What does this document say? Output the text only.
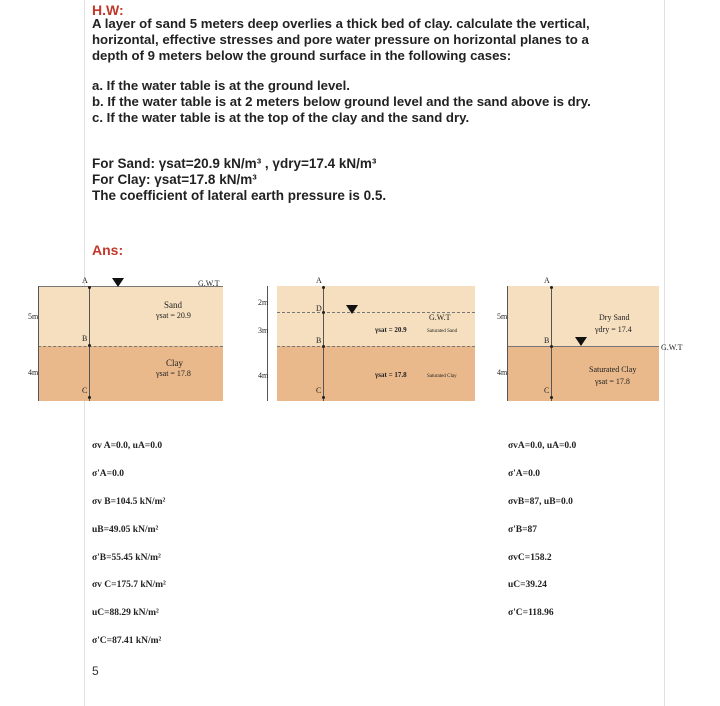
H.W:

A layer of sand 5 meters deep overlies a thick bed of clay. calculate the vertical, horizontal, effective stresses and pore water pressure on horizontal planes to a depth of 9 meters below the ground surface in the following cases:

a. If the water table is at the ground level.
b. If the water table is at 2 meters below ground level and the sand above is dry.
c. If the water table is at the top of the clay and the sand dry.
For Sand: γsat=20.9 kN/m³ , γdry=17.4 kN/m³
For Clay: γsat=17.8 kN/m³
The coefficient of lateral earth pressure is 0.5.
Ans:
G.W.T
5m
4m
A
B
C
Sand
γsat = 20.9
Clay
γsat = 17.8
G.W.T
2m
3m
4m
A
D
B
C
γsat = 20.9	Saturated Sand
γsat = 17.8	Saturated Clay
G.W.T
5m
4m
A
B
C
Dry Sand
γdry = 17.4
Saturated Clay
γsat = 17.8
σv A=0.0, uA=0.0
σ'A=0.0
σv B=104.5 kN/m²
uB=49.05 kN/m²
σ'B=55.45 kN/m²
σv C=175.7 kN/m²
uC=88.29 kN/m²
σ'C=87.41 kN/m²
σvA=0.0, uA=0.0
σ'A=0.0
σvB=87, uB=0.0
σ'B=87
σvC=158.2
uC=39.24
σ'C=118.96
5
